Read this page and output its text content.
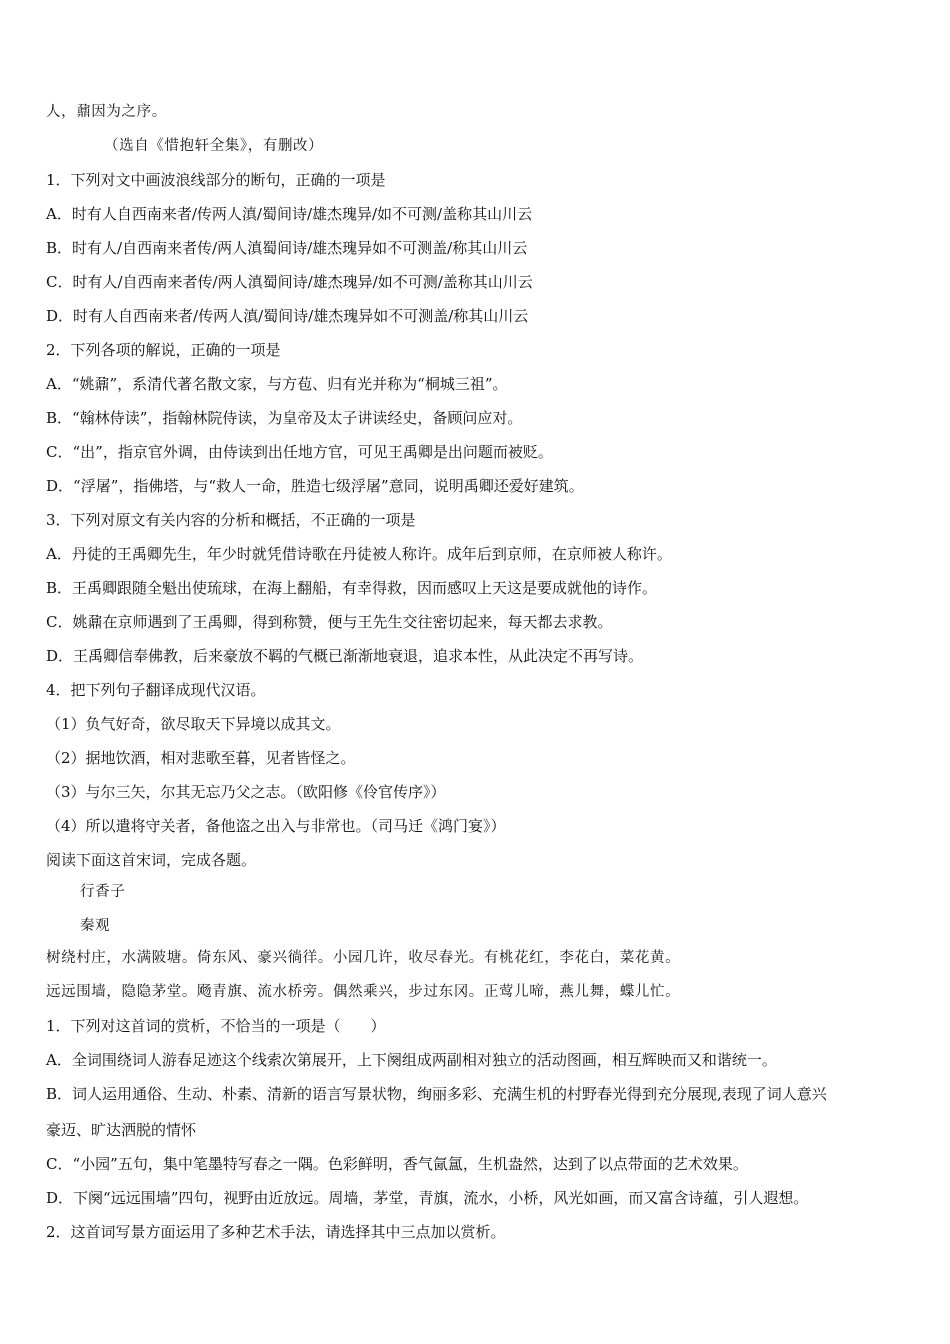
人，鼐因为之序。
（选自《惜抱轩全集》，有删改）
1．下列对文中画波浪线部分的断句，正确的一项是
A．时有人自西南来者/传两人滇/蜀间诗/雄杰瑰异/如不可测/盖称其山川云
B．时有人/自西南来者传/两人滇蜀间诗/雄杰瑰异如不可测盖/称其山川云
C．时有人/自西南来者传/两人滇蜀间诗/雄杰瑰异/如不可测/盖称其山川云
D．时有人自西南来者/传两人滇/蜀间诗/雄杰瑰异如不可测盖/称其山川云
2．下列各项的解说，正确的一项是
A．“姚鼐”，系清代著名散文家，与方苞、归有光并称为“桐城三祖”。
B．“翰林侍读”，指翰林院侍读，为皇帝及太子讲读经史，备顾问应对。
C．“出”，指京官外调，由侍读到出任地方官，可见王禹卿是出问题而被贬。
D．“浮屠”，指佛塔，与“救人一命，胜造七级浮屠”意同，说明禹卿还爱好建筑。
3．下列对原文有关内容的分析和概括，不正确的一项是
A．丹徒的王禹卿先生，年少时就凭借诗歌在丹徒被人称许。成年后到京师，在京师被人称许。
B．王禹卿跟随全魁出使琉球，在海上翻船，有幸得救，因而感叹上天这是要成就他的诗作。
C．姚鼐在京师遇到了王禹卿，得到称赞，便与王先生交往密切起来，每天都去求教。
D．王禹卿信奉佛教，后来豪放不羁的气概已渐渐地衰退，追求本性，从此决定不再写诗。
4．把下列句子翻译成现代汉语。
（1）负气好奇，欲尽取天下异境以成其文。
（2）据地饮酒，相对悲歌至暮，见者皆怪之。
（3）与尔三矢，尔其无忘乃父之志。（欧阳修《伶官传序》）
（4）所以遣将守关者，备他盗之出入与非常也。（司马迁《鸿门宴》）
阅读下面这首宋词，完成各题。
行香子
秦观
树绕村庄，水满陂塘。倚东风、豪兴徜徉。小园几许，收尽春光。有桃花红，李花白，菜花黄。
远远围墙，隐隐茅堂。飏青旗、流水桥旁。偶然乘兴，步过东冈。正莺儿啼，燕儿舞，蝶儿忙。
1．下列对这首词的赏析，不恰当的一项是（　　）
A．全词围绕词人游春足迹这个线索次第展开，上下阕组成两副相对独立的活动图画，相互辉映而又和谐统一。
B．词人运用通俗、生动、朴素、清新的语言写景状物，绚丽多彩、充满生机的村野春光得到充分展现,表现了词人意兴
豪迈、旷达洒脱的情怀
C．“小园”五句，集中笔墨特写春之一隅。色彩鲜明，香气氤氲，生机盎然，达到了以点带面的艺术效果。
D．下阕“远远围墙”四句，视野由近放远。周墙，茅堂，青旗，流水，小桥，风光如画，而又富含诗蕴，引人遐想。
2．这首词写景方面运用了多种艺术手法，请选择其中三点加以赏析。
